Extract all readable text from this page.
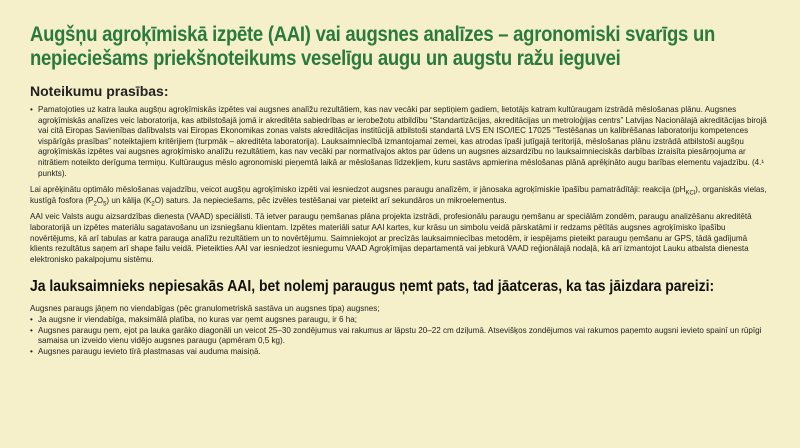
Augšņu agroķīmiskā izpēte (AAI) vai augsnes analīzes – agronomiski svarīgs un
nepieciešams priekšnoteikums veselīgu augu un augstu ražu ieguvei
Noteikumu prasības:
• Pamatojoties uz katra lauka augšņu agroķīmiskās izpētes vai augsnes analīžu rezultātiem, kas nav vecāki par septiņiem gadiem, lietotājs katram kultūraugam izstrādā mēslošanas plānu. Augsnes agroķīmiskās analīzes veic laboratorija, kas atbilstošajā jomā ir akreditēta sabiedrības ar ierobežotu atbildību “Standartizācijas, akreditācijas un metroloģijas centrs” Latvijas Nacionālajā akreditācijas birojā vai citā Eiropas Savienības dalībvalsts vai Eiropas Ekonomikas zonas valsts akreditācijas institūcijā atbilstoši standartā LVS EN ISO/IEC 17025 “Testēšanas un kalibrēšanas laboratoriju kompetences vispārīgās prasības” noteiktajiem kritērijiem (turpmāk – akreditēta laboratorija). Lauksaimniecībā izmantojamai zemei, kas atrodas īpaši jutīgajā teritorijā, mēslošanas plānu izstrādā atbilstoši augšņu agroķīmiskās izpētes vai augsnes agroķīmisko analīžu rezultātiem, kas nav vecāki par normatīvajos aktos par ūdens un augsnes aizsardzību no lauksaimnieciskās darbības izraisīta piesārņojuma ar nitrātiem noteikto derīguma termiņu. Kultūraugus mēslo agronomiski pieņemtā laikā ar mēslošanas līdzekļiem, kuru sastāvs apmierina mēslošanas plānā aprēķināto augu barības elementu vajadzību. (4.¹ punkts).

Lai aprēķinātu optimālo mēslošanas vajadzību, veicot augšņu agroķīmisko izpēti vai iesniedzot augsnes paraugu analīzēm, ir jānosaka agroķīmiskie īpašību pamatrādītāji: reakcija $(pH_{KCl})$, organiskās vielas, kustīgā fosfora $(P_2O_5)$ un kālija $(K_2O)$ saturs. Ja nepieciešams, pēc izvēles testēšanai var pieteikt arī sekundāros un mikroelementus.

AAI veic Valsts augu aizsardzības dienesta (VAAD) speciālisti. Tā ietver paraugu ņemšanas plāna projekta izstrādi, profesionālu paraugu ņemšanu ar speciālām zondēm, paraugu analizēšanu akreditētā laboratorijā un izpētes materiālu sagatavošanu un izsniegšanu klientam. Izpētes materiāli satur AAI kartes, kur krāsu un simbolu veidā pārskatāmi ir redzams pētītās augsnes agroķīmisko īpašību novērtējums, kā arī tabulas ar katra parauga analīžu rezultātiem un to novērtējumu. Saimniekojot ar precīzās lauksaimniecības metodēm, ir iespējams pieteikt paraugu ņemšanu ar GPS, tādā gadījumā klients rezultātus saņem arī shape failu veidā. Pieteikties AAI var iesniedzot iesniegumu VAAD Agroķīmijas departamentā vai jebkurā VAAD reģionālajā nodaļā, kā arī izmantojot Lauku atbalsta dienesta elektronisko pakalpojumu sistēmu.

Ja lauksaimnieks nepiesakās AAI, bet nolemj paraugus ņemt pats, tad jāatceras, ka tas jāizdara pareizi:
Augsnes paraugs jāņem no viendabīgas (pēc granulometriskā sastāva un augsnes tipa) augsnes;
• Ja augsne ir viendabīga, maksimālā platība, no kuras var ņemt augsnes paraugu, ir 6 ha;
• Augsnes paraugu ņem, ejot pa lauka garāko diagonāli un veicot 25–30 zondējumus vai rakumus ar lāpstu 20–22 cm dziļumā. Atsevišķos zondējumos vai rakumos paņemto augsni ievieto spainī un rūpīgi samaisa un izveido vienu vidējo augsnes paraugu (apmēram 0,5 kg).
• Augsnes paraugu ievieto tīrā plastmasas vai auduma maisiņā.
